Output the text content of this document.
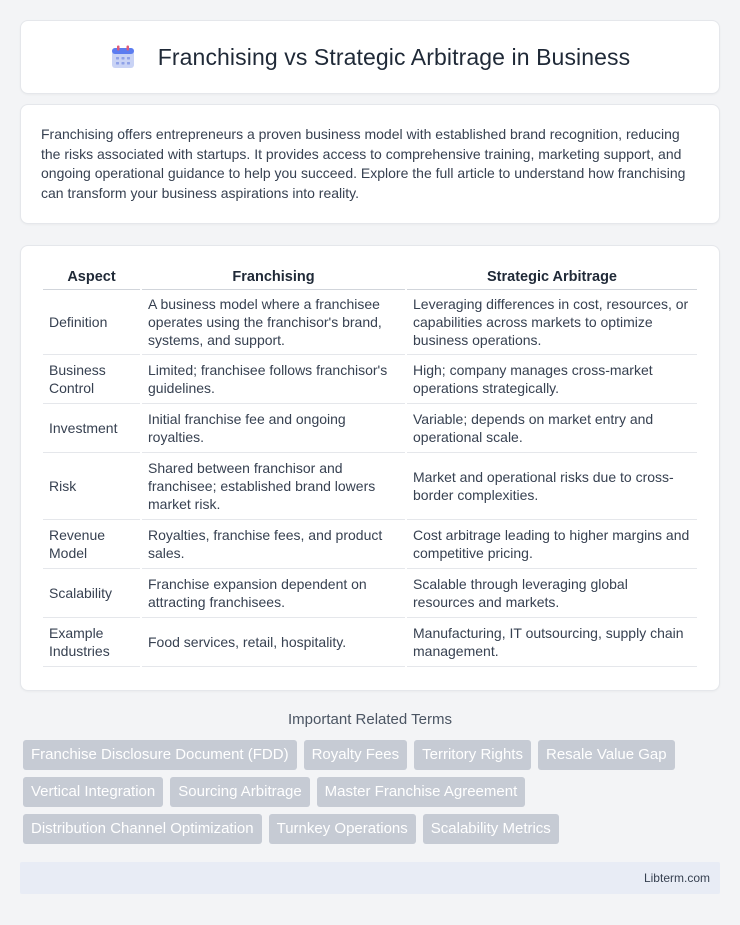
Franchising vs Strategic Arbitrage in Business

Franchising offers entrepreneurs a proven business model with established brand recognition, reducing the risks associated with startups. It provides access to comprehensive training, marketing support, and ongoing operational guidance to help you succeed. Explore the full article to understand how franchising can transform your business aspirations into reality.

Aspect	Franchising	Strategic Arbitrage
Definition	A business model where a franchisee operates using the franchisor's brand, systems, and support.	Leveraging differences in cost, resources, or capabilities across markets to optimize business operations.
Business Control	Limited; franchisee follows franchisor's guidelines.	High; company manages cross-market operations strategically.
Investment	Initial franchise fee and ongoing royalties.	Variable; depends on market entry and operational scale.
Risk	Shared between franchisor and franchisee; established brand lowers market risk.	Market and operational risks due to cross-border complexities.
Revenue Model	Royalties, franchise fees, and product sales.	Cost arbitrage leading to higher margins and competitive pricing.
Scalability	Franchise expansion dependent on attracting franchisees.	Scalable through leveraging global resources and markets.
Example Industries	Food services, retail, hospitality.	Manufacturing, IT outsourcing, supply chain management.
Important Related Terms
Franchise Disclosure Document (FDD)	Royalty Fees	Territory Rights	Resale Value Gap
Vertical Integration	Sourcing Arbitrage	Master Franchise Agreement
Distribution Channel Optimization	Turnkey Operations	Scalability Metrics
Libterm.com
